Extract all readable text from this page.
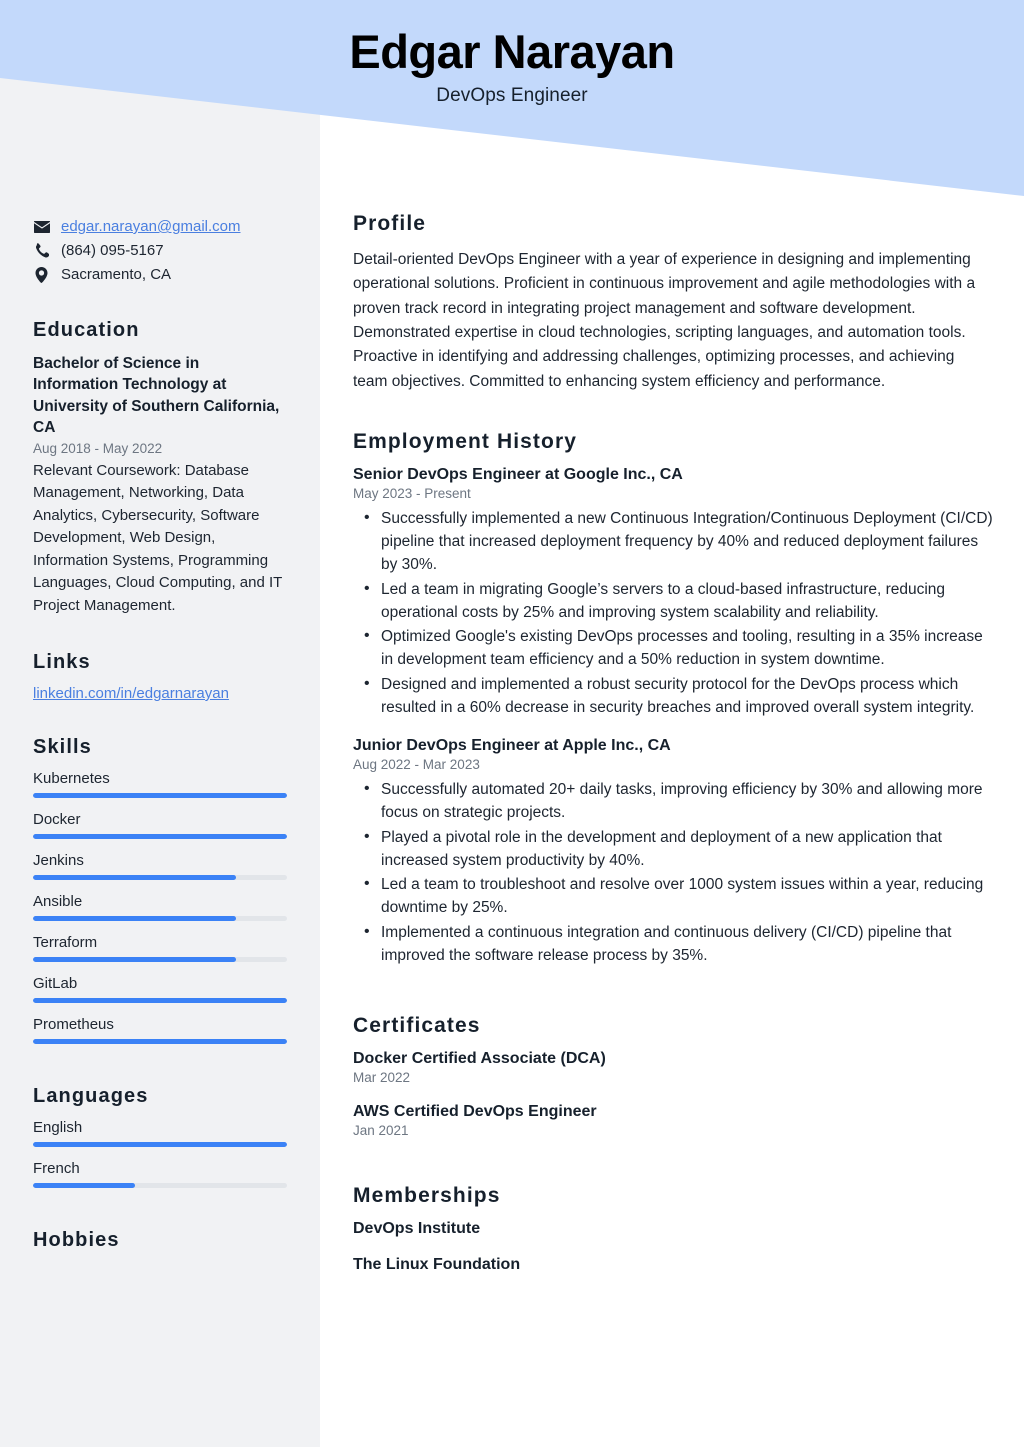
Edgar Narayan
DevOps Engineer
edgar.narayan@gmail.com
(864) 095-5167
Sacramento, CA
Education
Bachelor of Science in Information Technology at University of Southern California, CA
Aug 2018 - May 2022
Relevant Coursework: Database Management, Networking, Data Analytics, Cybersecurity, Software Development, Web Design, Information Systems, Programming Languages, Cloud Computing, and IT Project Management.
Links
linkedin.com/in/edgarnarayan
Skills
Kubernetes
Docker
Jenkins
Ansible
Terraform
GitLab
Prometheus
Languages
English
French
Hobbies
Profile
Detail-oriented DevOps Engineer with a year of experience in designing and implementing operational solutions. Proficient in continuous improvement and agile methodologies with a proven track record in integrating project management and software development. Demonstrated expertise in cloud technologies, scripting languages, and automation tools. Proactive in identifying and addressing challenges, optimizing processes, and achieving team objectives. Committed to enhancing system efficiency and performance.
Employment History
Senior DevOps Engineer at Google Inc., CA
May 2023 - Present
• Successfully implemented a new Continuous Integration/Continuous Deployment (CI/CD) pipeline that increased deployment frequency by 40% and reduced deployment failures by 30%.
• Led a team in migrating Google’s servers to a cloud-based infrastructure, reducing operational costs by 25% and improving system scalability and reliability.
• Optimized Google's existing DevOps processes and tooling, resulting in a 35% increase in development team efficiency and a 50% reduction in system downtime.
• Designed and implemented a robust security protocol for the DevOps process which resulted in a 60% decrease in security breaches and improved overall system integrity.
Junior DevOps Engineer at Apple Inc., CA
Aug 2022 - Mar 2023
• Successfully automated 20+ daily tasks, improving efficiency by 30% and allowing more focus on strategic projects.
• Played a pivotal role in the development and deployment of a new application that increased system productivity by 40%.
• Led a team to troubleshoot and resolve over 1000 system issues within a year, reducing downtime by 25%.
• Implemented a continuous integration and continuous delivery (CI/CD) pipeline that improved the software release process by 35%.
Certificates
Docker Certified Associate (DCA)
Mar 2022
AWS Certified DevOps Engineer
Jan 2021
Memberships
DevOps Institute
The Linux Foundation
